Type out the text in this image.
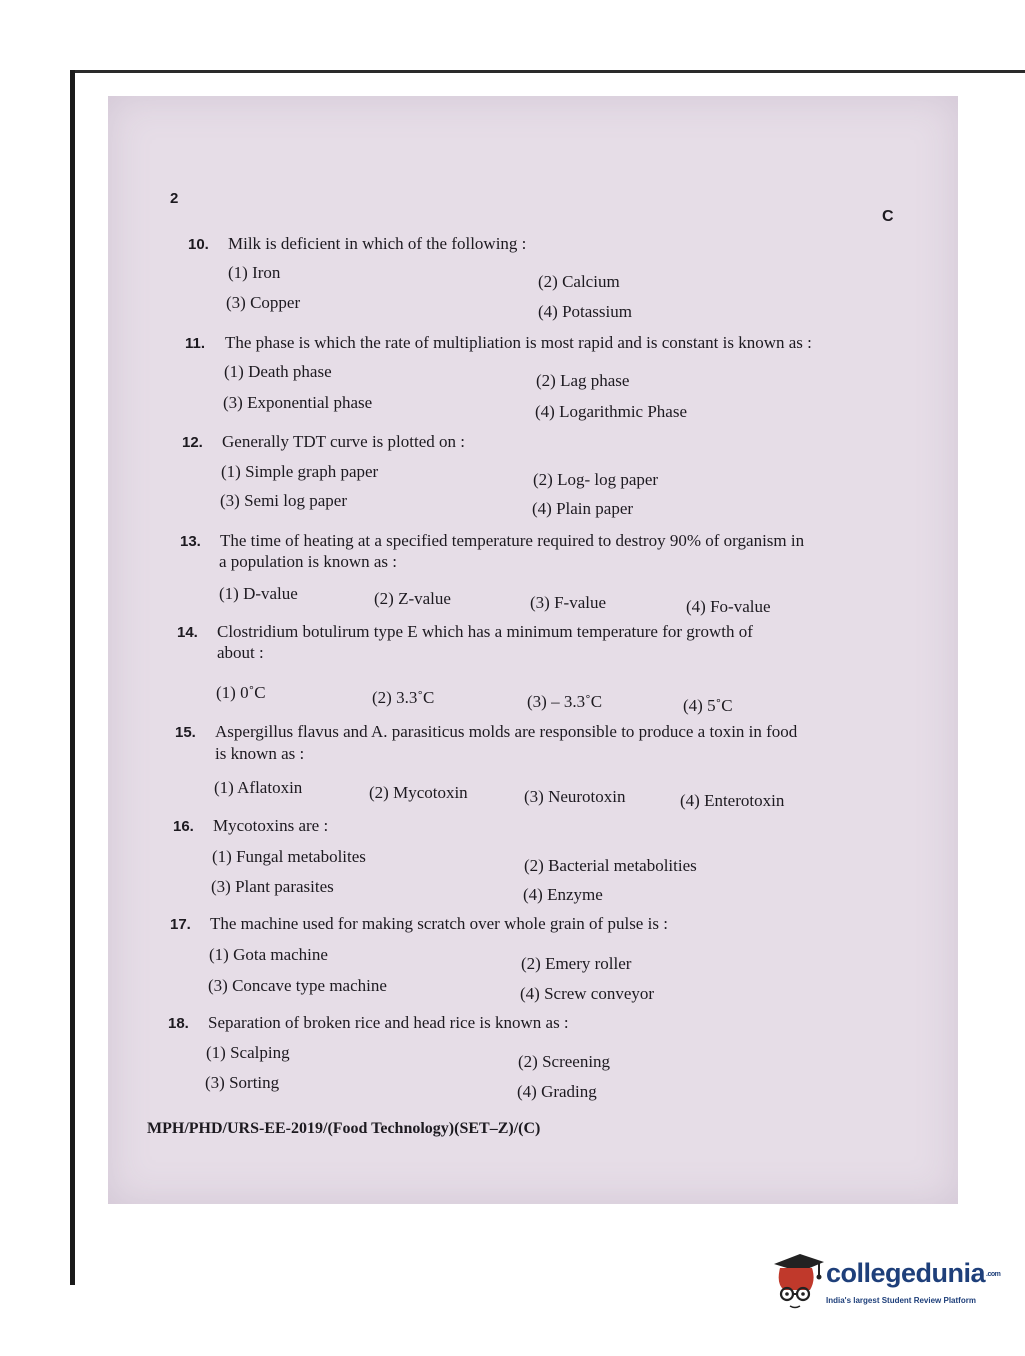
2
C
10. Milk is deficient in which of the following :
(1) Iron	(2) Calcium
(3) Copper	(4) Potassium
11. The phase is which the rate of multipliation is most rapid and is constant is known as :
(1) Death phase	(2) Lag phase
(3) Exponential phase	(4) Logarithmic Phase
12. Generally TDT curve is plotted on :
(1) Simple graph paper	(2) Log- log paper
(3) Semi log paper	(4) Plain paper
13. The time of heating at a specified temperature required to destroy 90% of organism in
a population is known as :
(1) D-value	(2) Z-value	(3) F-value	(4) Fo-value
14. Clostridium botulirum type E which has a minimum temperature for growth of
about :
(1) 0˚C	(2) 3.3˚C	(3) – 3.3˚C	(4) 5˚C
15. Aspergillus flavus and A. parasiticus molds are responsible to produce a toxin in food
is known as :
(1) Aflatoxin	(2) Mycotoxin	(3) Neurotoxin	(4) Enterotoxin
16. Mycotoxins are :
(1) Fungal metabolites	(2) Bacterial metabolities
(3) Plant parasites	(4) Enzyme
17. The machine used for making scratch over whole grain of pulse is :
(1) Gota machine	(2) Emery roller
(3) Concave type machine	(4) Screw conveyor
18. Separation of broken rice and head rice is known as :
(1) Scalping	(2) Screening
(3) Sorting	(4) Grading
MPH/PHD/URS-EE-2019/(Food Technology)(SET–Z)/(C)
collegedunia.com
India's largest Student Review Platform
